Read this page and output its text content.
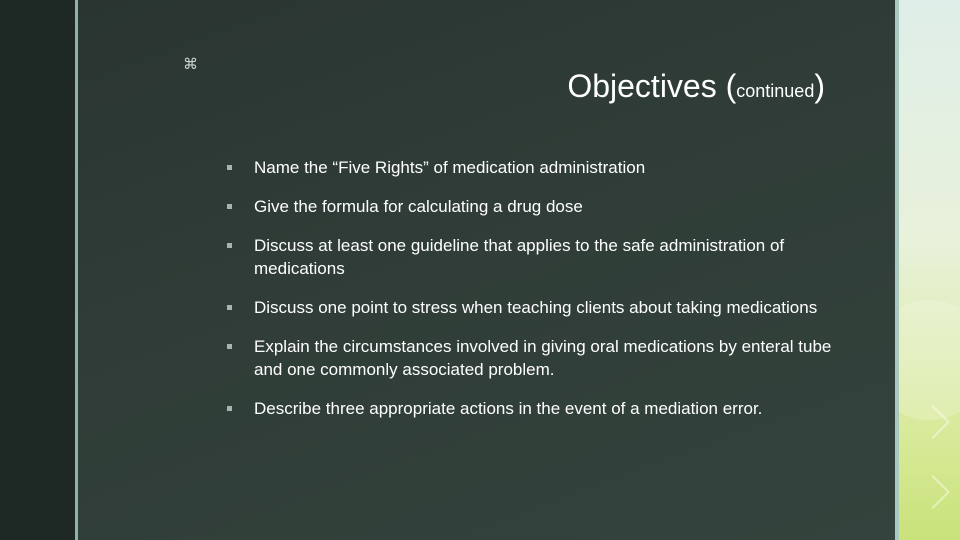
⌘
Objectives (continued)
Name the “Five Rights” of medication administration
Give the formula for calculating a drug dose
Discuss at least one guideline that applies to the safe administration of medications
Discuss one point to stress when teaching clients about taking medications
Explain the circumstances involved in giving oral medications by enteral tube and one commonly associated problem.
Describe three appropriate actions in the event of a mediation error.
